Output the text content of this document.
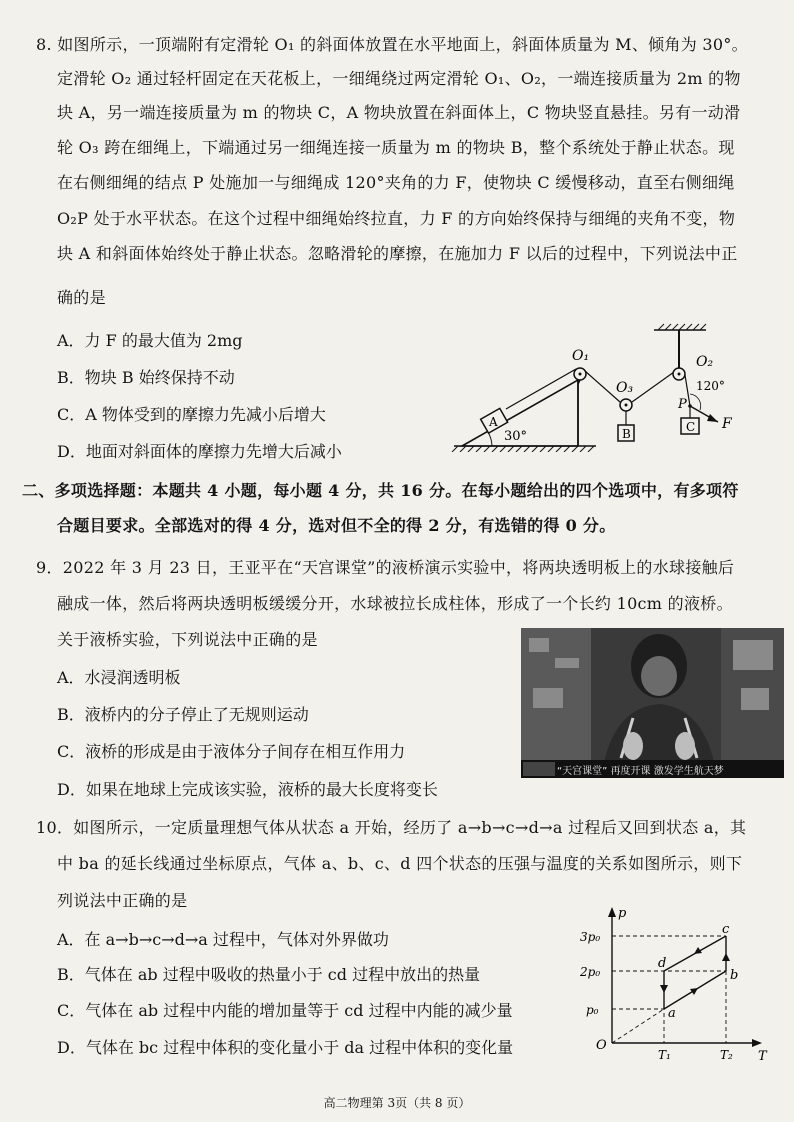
8. 如图所示，一顶端附有定滑轮 O₁ 的斜面体放置在水平地面上，斜面体质量为 M、倾角为 30°。
定滑轮 O₂ 通过轻杆固定在天花板上，一细绳绕过两定滑轮 O₁、O₂，一端连接质量为 2m 的物
块 A，另一端连接质量为 m 的物块 C，A 物块放置在斜面体上，C 物块竖直悬挂。另有一动滑
轮 O₃ 跨在细绳上，下端通过另一细绳连接一质量为 m 的物块 B，整个系统处于静止状态。现
在右侧细绳的结点 P 处施加一与细绳成 120°夹角的力 F，使物块 C 缓慢移动，直至右侧细绳
O₂P 处于水平状态。在这个过程中细绳始终拉直，力 F 的方向始终保持与细绳的夹角不变，物
块 A 和斜面体始终处于静止状态。忽略滑轮的摩擦，在施加力 F 以后的过程中，下列说法中正
确的是
A．力 F 的最大值为 2mg
B．物块 B 始终保持不动
C．A 物体受到的摩擦力先减小后增大
D．地面对斜面体的摩擦力先增大后减小
30°
A
O₁
O₃
B
O₂
P
120°
F
C
二、多项选择题：本题共 4 小题，每小题 4 分，共 16 分。在每小题给出的四个选项中，有多项符
合题目要求。全部选对的得 4 分，选对但不全的得 2 分，有选错的得 0 分。
9．2022 年 3 月 23 日，王亚平在“天宫课堂”的液桥演示实验中，将两块透明板上的水球接触后
融成一体，然后将两块透明板缓缓分开，水球被拉长成柱体，形成了一个长约 10cm 的液桥。
关于液桥实验，下列说法中正确的是
A．水浸润透明板
B．液桥内的分子停止了无规则运动
C．液桥的形成是由于液体分子间存在相互作用力
D．如果在地球上完成该实验，液桥的最大长度将变长
“天宫课堂” 再度开课 激发学生航天梦
10．如图所示，一定质量理想气体从状态 a 开始，经历了 a→b→c→d→a 过程后又回到状态 a，其
中 ba 的延长线通过坐标原点，气体 a、b、c、d 四个状态的压强与温度的关系如图所示，则下
列说法中正确的是
A．在 a→b→c→d→a 过程中，气体对外界做功
B．气体在 ab 过程中吸收的热量小于 cd 过程中放出的热量
C．气体在 ab 过程中内能的增加量等于 cd 过程中内能的减少量
D．气体在 bc 过程中体积的变化量小于 da 过程中体积的变化量
p
T
O
3p₀
2p₀
p₀
T₁	T₂
a
b
c
d
高二物理第 3页（共 8 页）
